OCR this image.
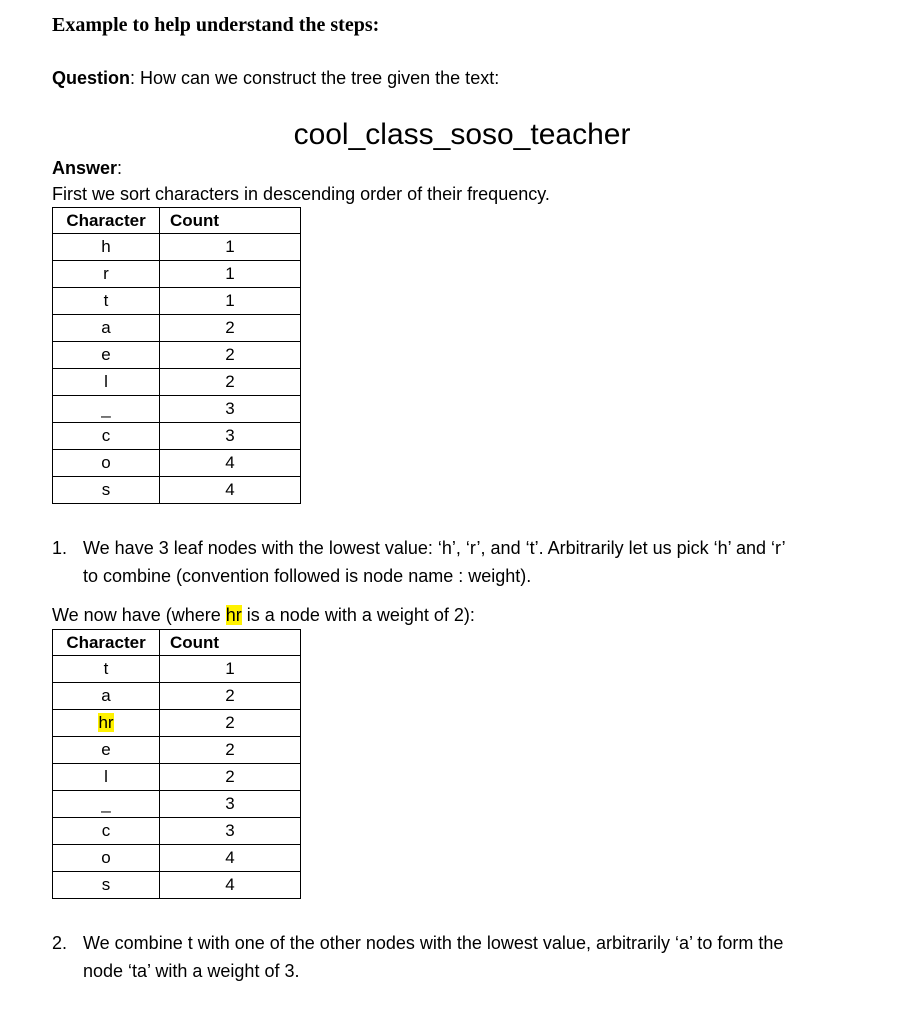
Example to help understand the steps:
Question: How can we construct the tree given the text:
cool_class_soso_teacher
Answer:
First we sort characters in descending order of their frequency.
Character	Count
h	1
r	1
t	1
a	2
e	2
l	2
_	3
c	3
o	4
s	4
1. We have 3 leaf nodes with the lowest value: ‘h’, ‘r’, and ‘t’. Arbitrarily let us pick ‘h’ and ‘r’
to combine (convention followed is node name : weight).
We now have (where hr is a node with a weight of 2):
Character	Count
t	1
a	2
hr	2
e	2
l	2
_	3
c	3
o	4
s	4
2. We combine t with one of the other nodes with the lowest value, arbitrarily ‘a’ to form the
node ‘ta’ with a weight of 3.
